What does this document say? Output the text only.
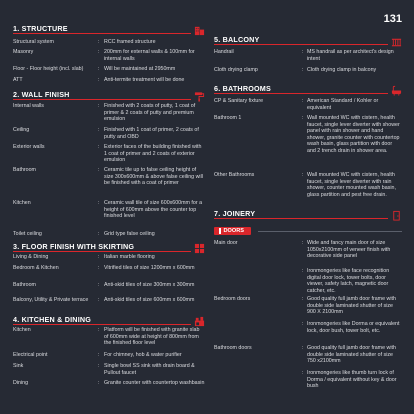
131
1. STRUCTURE
Structural system	: RCC framed structure
Masonry	: 200mm for external walls & 100mm for internal walls
Floor - Floor height (incl. slab)	: Will be maintained at 2950mm
ATT	: Anti-termite treatment will be done
2. WALL FINISH
Internal walls	: Finished with 2 coats of putty, 1 coat of primer & 2 coats of putty and premium emulsion
Ceiling	: Finished with 1 coat of primer, 2 coats of putty and OBD
Exterior walls	: Exterior faces of the building finished with 1 coat of primer and 2 coats of exterior emulsion
Bathroom	: Ceramic tile up to false ceiling height of size 300x600mm & above false ceiling will be finished with a coat of primer
Kitchen	: Ceramic wall tile of size 600x600mm for a height of 600mm above the counter top finished level
Toilet ceiling	: Grid type false ceiling
3. FLOOR FINISH WITH SKIRTING
Living & Dining	: Italian marble flooring
Bedroom & Kitchen	: Vitrified tiles of size 1200mm x 600mm
Bathroom	: Anti-skid tiles of size 300mm x 300mm
Balcony, Utility & Private terrace	: Anti-skid tiles of size 600mm x 600mm
4. KITCHEN & DINING
Kitchen	: Platform will be finished with granite slab of 600mm wide at height of 800mm from the finished floor level
Electrical point	: For chimney, hob & water purifier
Sink	: Single bowl SS sink with drain board & Pullout faucet
Dining	: Granite counter with countertop washbasin
5. BALCONY
Handrail	: MS handrail as per architect's design intent
Cloth drying clamp	: Cloth drying clamp in balcony
6. BATHROOMS
CP & Sanitary fixture	: American Standard / Kohler or equivalent
Bathroom 1	: Wall mounted WC with cistern, health faucet, single lever diverter with shower panel with rain shower and hand shower, granite counter with countertop wash basin, glass partition with door and 2 trench drain in shower area.
Other Bathrooms	: Wall mounted WC with cistern, health faucet, single lever diverter with rain shower, counter mounted wash basin, glass partition and pest free drain.
7. JOINERY
DOORS
Main door	: Wide and fancy main door of size 1050x2100mm of veneer finish with decorative side panel
: Ironmongeries like face recognition digital door lock, tower bolts, door viewer, safety latch, magnetic door catcher, etc.
Bedroom doors	: Good quality full jamb door frame with double side laminated shutter of size 900 X 2100mm
: Ironmongeries like Dorma or equivalent lock, door bush, tower bolt, etc.
Bathroom doors	: Good quality full jamb door frame with double side laminated shutter of size 750 x2100mm
: Ironmongeries like thumb turn lock of Dorma / equivalent without key & door bush
